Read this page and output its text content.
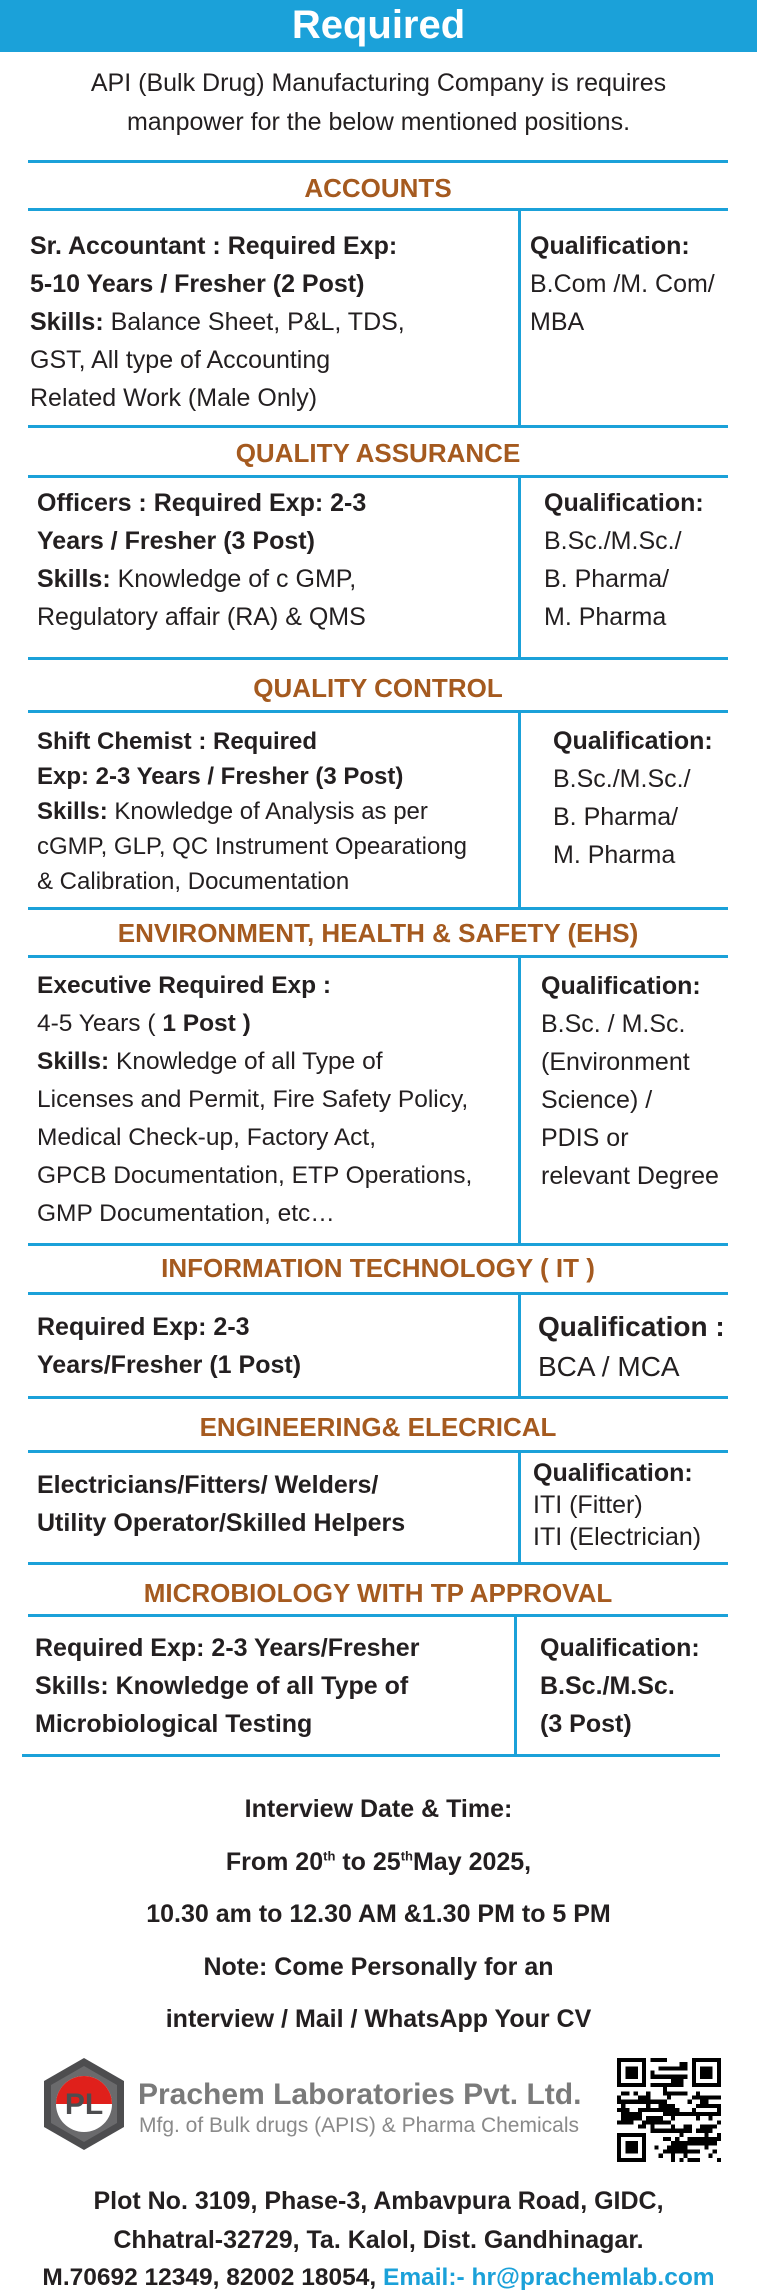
Required
API (Bulk Drug) Manufacturing Company is requires
manpower for the below mentioned positions.
ACCOUNTS
Sr. Accountant : Required Exp:
5-10 Years / Fresher (2 Post)
Skills: Balance Sheet, P&L, TDS,
GST, All type of Accounting
Related Work (Male Only)
Qualification:
B.Com /M. Com/
MBA
QUALITY ASSURANCE
Officers : Required Exp: 2-3
Years / Fresher (3 Post)
Skills: Knowledge of c GMP,
Regulatory affair (RA) & QMS
Qualification:
B.Sc./M.Sc./
B. Pharma/
M. Pharma
QUALITY CONTROL
Shift Chemist : Required
Exp: 2-3 Years / Fresher (3 Post)
Skills: Knowledge of Analysis as per
cGMP, GLP, QC Instrument Opearationg
& Calibration, Documentation
Qualification:
B.Sc./M.Sc./
B. Pharma/
M. Pharma
ENVIRONMENT, HEALTH & SAFETY (EHS)
Executive Required Exp :
4-5 Years ( 1 Post )
Skills: Knowledge of all Type of
Licenses and Permit, Fire Safety Policy,
Medical Check-up, Factory Act,
GPCB Documentation, ETP Operations,
GMP Documentation, etc…
Qualification:
B.Sc. / M.Sc.
(Environment
Science) /
PDIS or
relevant Degree
INFORMATION TECHNOLOGY ( IT )
Required Exp: 2-3
Years/Fresher (1 Post)
Qualification :
BCA / MCA
ENGINEERING& ELECRICAL
Electricians/Fitters/ Welders/
Utility Operator/Skilled Helpers
Qualification:
ITI (Fitter)
ITI (Electrician)
MICROBIOLOGY WITH TP APPROVAL
Required Exp: 2-3 Years/Fresher
Skills: Knowledge of all Type of
Microbiological Testing
Qualification:
B.Sc./M.Sc.
(3 Post)
Interview Date & Time:
From 20th to 25thMay 2025,
10.30 am to 12.30 AM &1.30 PM to 5 PM
Note: Come Personally for an
interview / Mail / WhatsApp Your CV
PL Prachem Laboratories Pvt. Ltd.
Mfg. of Bulk drugs (APIS) & Pharma Chemicals
Plot No. 3109, Phase-3, Ambavpura Road, GIDC,
Chhatral-32729, Ta. Kalol, Dist. Gandhinagar.
M.70692 12349, 82002 18054, Email:- hr@prachemlab.com
